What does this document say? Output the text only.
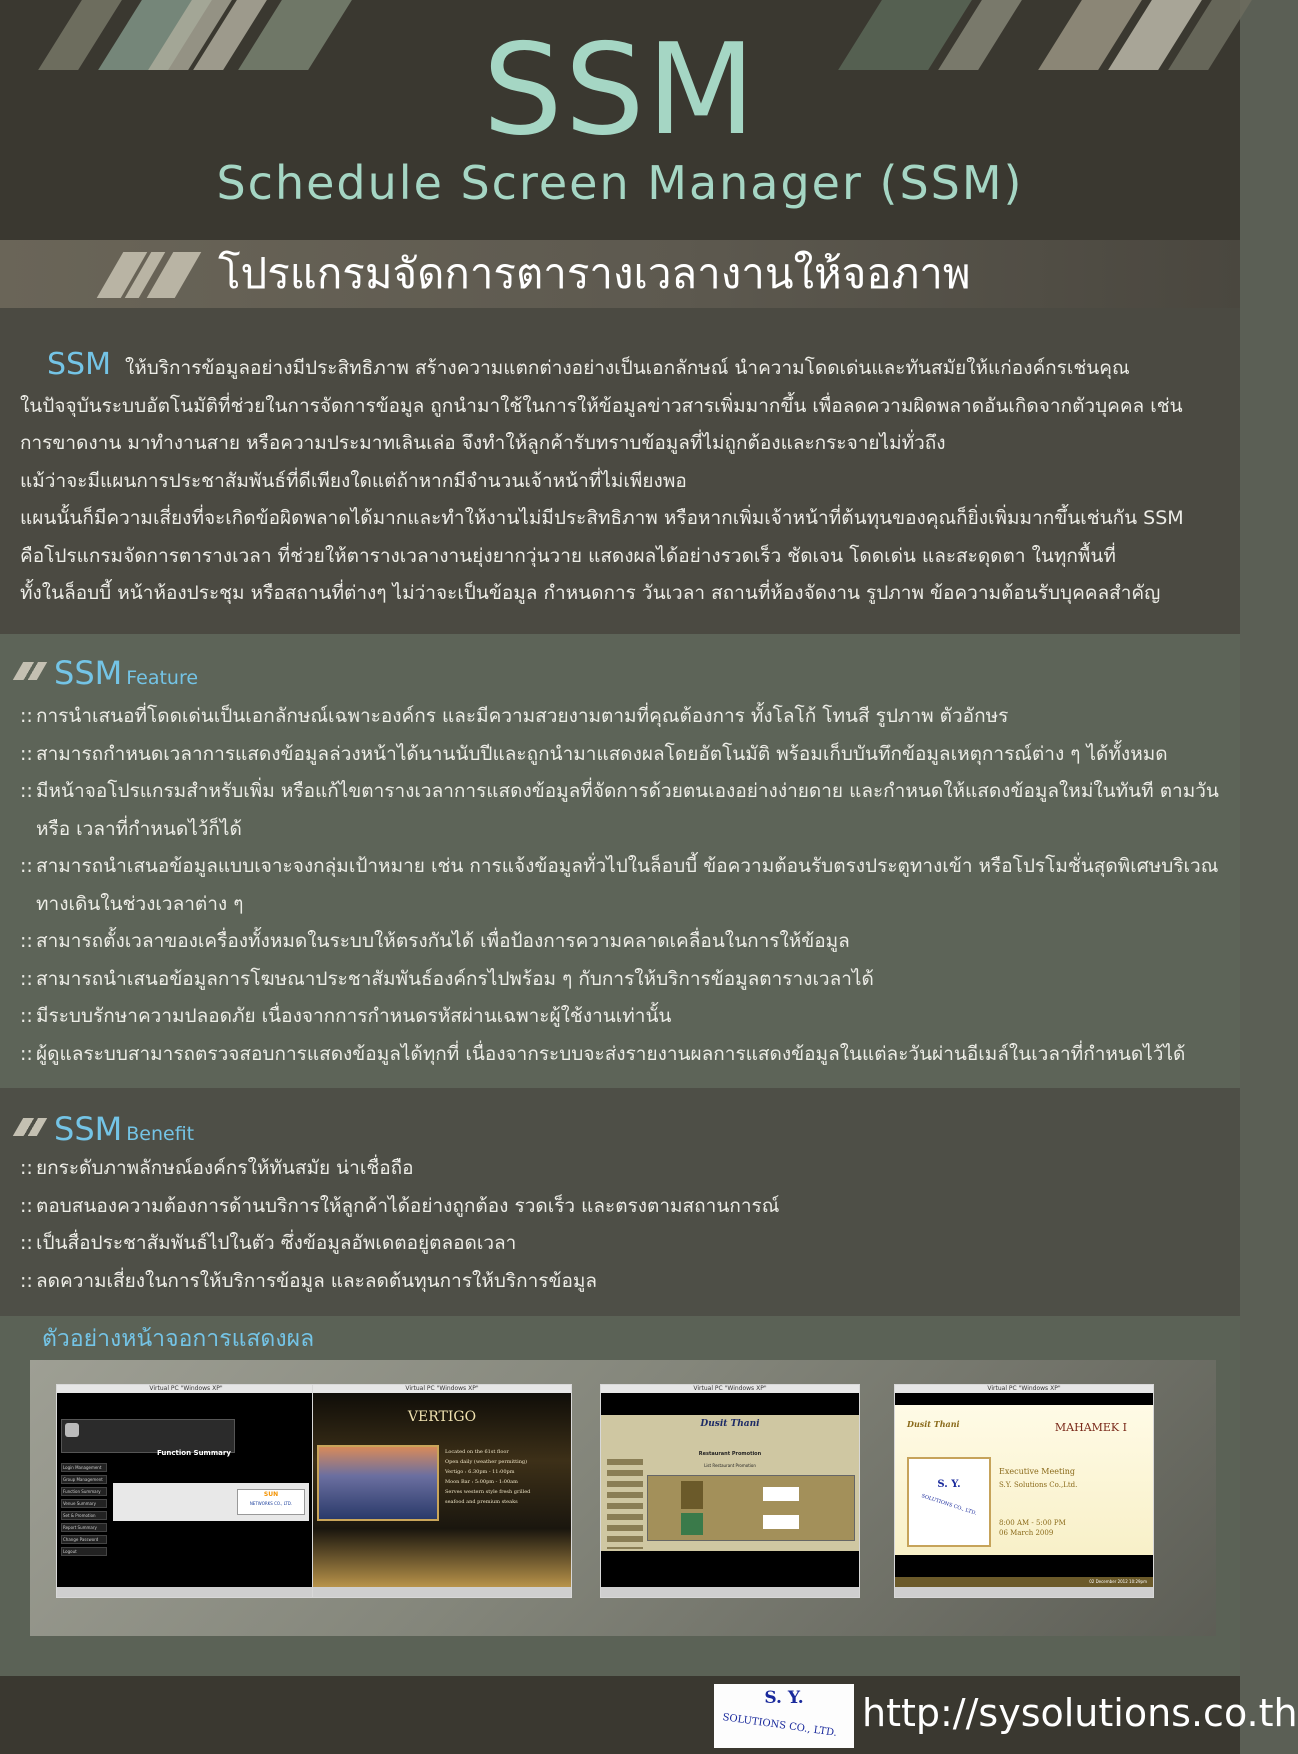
SSM
Schedule Screen Manager (SSM)
โปรแกรมจัดการตารางเวลางานให้จอภาพ

SSM ให้บริการข้อมูลอย่างมีประสิทธิภาพ สร้างความแตกต่างอย่างเป็นเอกลักษณ์ นำความโดดเด่นและทันสมัยให้แก่องค์กรเช่นคุณ

ในปัจจุบันระบบอัตโนมัติที่ช่วยในการจัดการข้อมูล ถูกนำมาใช้ในการให้ข้อมูลข่าวสารเพิ่มมากขึ้น เพื่อลดความผิดพลาดอันเกิดจากตัวบุคคล เช่น

การขาดงาน มาทำงานสาย หรือความประมาทเลินเล่อ จึงทำให้ลูกค้ารับทราบข้อมูลที่ไม่ถูกต้องและกระจายไม่ทั่วถึง

แม้ว่าจะมีแผนการประชาสัมพันธ์ที่ดีเพียงใดแต่ถ้าหากมีจำนวนเจ้าหน้าที่ไม่เพียงพอ

แผนนั้นก็มีความเสี่ยงที่จะเกิดข้อผิดพลาดได้มากและทำให้งานไม่มีประสิทธิภาพ หรือหากเพิ่มเจ้าหน้าที่ต้นทุนของคุณก็ยิ่งเพิ่มมากขึ้นเช่นกัน SSM

คือโปรแกรมจัดการตารางเวลา ที่ช่วยให้ตารางเวลางานยุ่งยากวุ่นวาย แสดงผลได้อย่างรวดเร็ว ชัดเจน โดดเด่น และสะดุดตา ในทุกพื้นที่

ทั้งในล็อบบี้ หน้าห้องประชุม หรือสถานที่ต่างๆ ไม่ว่าจะเป็นข้อมูล กำหนดการ วันเวลา สถานที่ห้องจัดงาน รูปภาพ ข้อความต้อนรับบุคคลสำคัญ

SSM Feature
:: การนำเสนอที่โดดเด่นเป็นเอกลักษณ์เฉพาะองค์กร และมีความสวยงามตามที่คุณต้องการ ทั้งโลโก้ โทนสี รูปภาพ ตัวอักษร
:: สามารถกำหนดเวลาการแสดงข้อมูลล่วงหน้าได้นานนับปีและถูกนำมาแสดงผลโดยอัตโนมัติ พร้อมเก็บบันทึกข้อมูลเหตุการณ์ต่าง ๆ ได้ทั้งหมด
:: มีหน้าจอโปรแกรมสำหรับเพิ่ม หรือแก้ไขตารางเวลาการแสดงข้อมูลที่จัดการด้วยตนเองอย่างง่ายดาย และกำหนดให้แสดงข้อมูลใหม่ในทันที ตามวัน หรือ เวลาที่กำหนดไว้ก็ได้
:: สามารถนำเสนอข้อมูลแบบเจาะจงกลุ่มเป้าหมาย เช่น การแจ้งข้อมูลทั่วไปในล็อบบี้ ข้อความต้อนรับตรงประตูทางเข้า หรือโปรโมชั่นสุดพิเศษบริเวณทางเดินในช่วงเวลาต่าง ๆ
:: สามารถตั้งเวลาของเครื่องทั้งหมดในระบบให้ตรงกันได้ เพื่อป้องการความคลาดเคลื่อนในการให้ข้อมูล
:: สามารถนำเสนอข้อมูลการโฆษณาประชาสัมพันธ์องค์กรไปพร้อม ๆ กับการให้บริการข้อมูลตารางเวลาได้
:: มีระบบรักษาความปลอดภัย เนื่องจากการกำหนดรหัสผ่านเฉพาะผู้ใช้งานเท่านั้น
:: ผู้ดูแลระบบสามารถตรวจสอบการแสดงข้อมูลได้ทุกที่ เนื่องจากระบบจะส่งรายงานผลการแสดงข้อมูลในแต่ละวันผ่านอีเมล์ในเวลาที่กำหนดไว้ได้
SSM Benefit
:: ยกระดับภาพลักษณ์องค์กรให้ทันสมัย น่าเชื่อถือ
:: ตอบสนองความต้องการด้านบริการให้ลูกค้าได้อย่างถูกต้อง รวดเร็ว และตรงตามสถานการณ์
:: เป็นสื่อประชาสัมพันธ์ไปในตัว ซึ่งข้อมูลอัพเดตอยู่ตลอดเวลา
:: ลดความเสี่ยงในการให้บริการข้อมูล และลดต้นทุนการให้บริการข้อมูล
ตัวอย่างหน้าจอการแสดงผล
Virtual PC "Windows XP"
Function Summary
Login Management
Group Management
Function Summary
Venue Summary
Set & Promotion
Report Summary
Change Password
Logout
SUN
NETWORKS CO., LTD.
Virtual PC "Windows XP"
VERTIGO
Located on the 61st floor
Open daily (weather permitting)
Vertigo : 6.30pm - 11:00pm
Moon Bar : 5:00pm - 1:00am
Serves western style fresh grilled
seafood and premium steaks
Virtual PC "Windows XP"
Dusit Thani
Restaurant Promotion
List Restaurant Promotion
Virtual PC "Windows XP"
Dusit Thani	MAHAMEK I
S. Y.
SOLUTIONS CO., LTD.
Executive Meeting
S.Y. Solutions Co.,Ltd.
8:00 AM - 5:00 PM
06 March 2009
02 December 2012 10:29pm
S. Y.
SOLUTIONS CO., LTD. http://sysolutions.co.th
